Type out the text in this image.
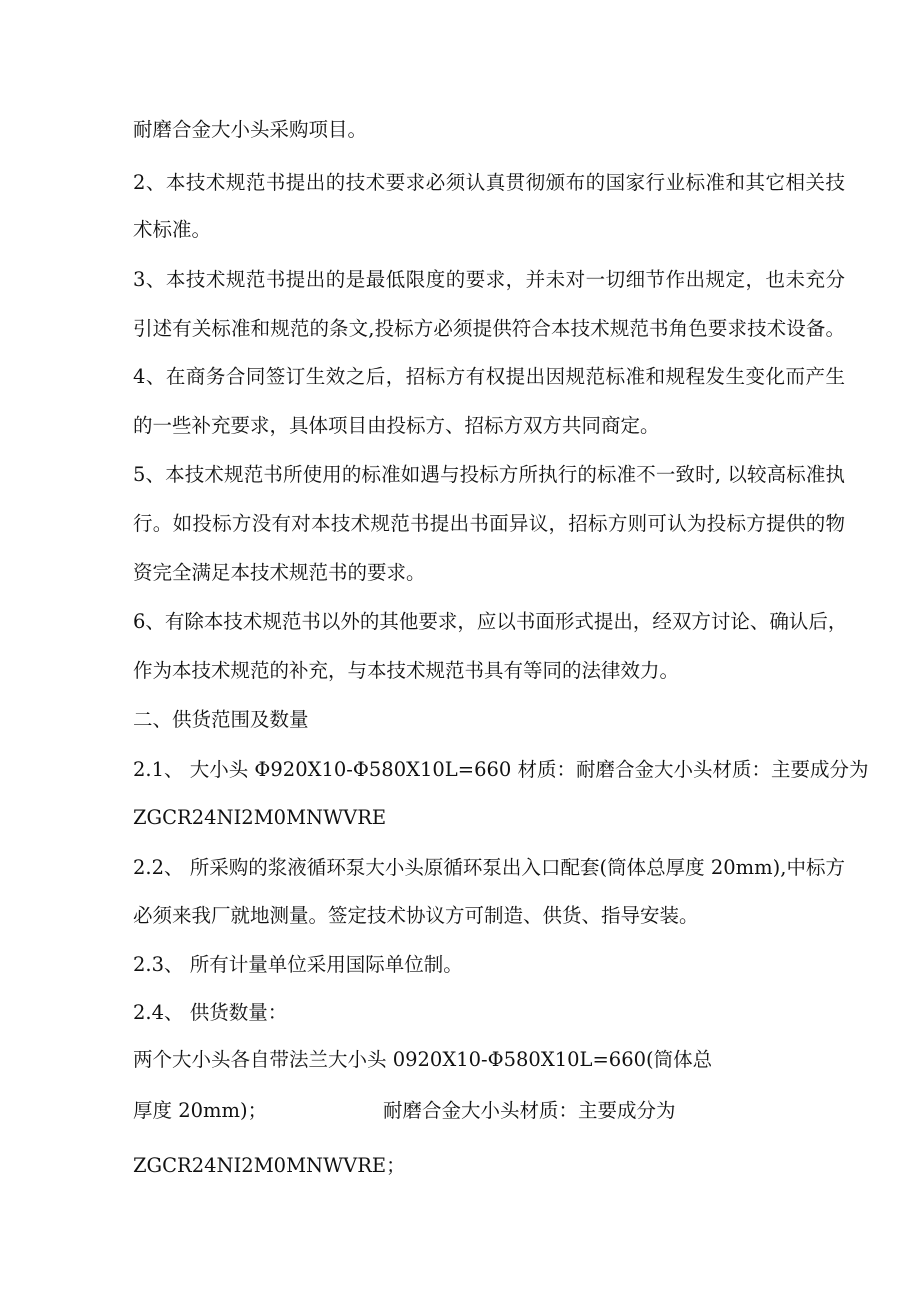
耐磨合金大小头采购项目。

2、本技术规范书提出的技术要求必须认真贯彻颁布的国家行业标准和其它相关技

术标准。

3、本技术规范书提出的是最低限度的要求，并未对一切细节作出规定，也未充分

引述有关标准和规范的条文,投标方必须提供符合本技术规范书角色要求技术设备。

4、在商务合同签订生效之后，招标方有权提出因规范标准和规程发生变化而产生

的一些补充要求，具体项目由投标方、招标方双方共同商定。

5、本技术规范书所使用的标准如遇与投标方所执行的标准不一致时, 以较高标准执

行。如投标方没有对本技术规范书提出书面异议，招标方则可认为投标方提供的物

资完全满足本技术规范书的要求。

6、有除本技术规范书以外的其他要求，应以书面形式提出，经双方讨论、确认后，

作为本技术规范的补充，与本技术规范书具有等同的法律效力。

二、供货范围及数量

2.1、 大小头 Φ920X10-Φ580X10L=660 材质：耐磨合金大小头材质：主要成分为

ZGCR24NI2M0MNWVRE

2.2、 所采购的浆液循环泵大小头原循环泵出入口配套(筒体总厚度 20mm),中标方

必须来我厂就地测量。签定技术协议方可制造、供货、指导安装。

2.3、 所有计量单位采用国际单位制。

2.4、 供货数量：

两个大小头各自带法兰大小头 0920X10-Φ580X10L=660(筒体总

厚度 20mm)；	耐磨合金大小头材质：主要成分为

ZGCR24NI2M0MNWVRE；
